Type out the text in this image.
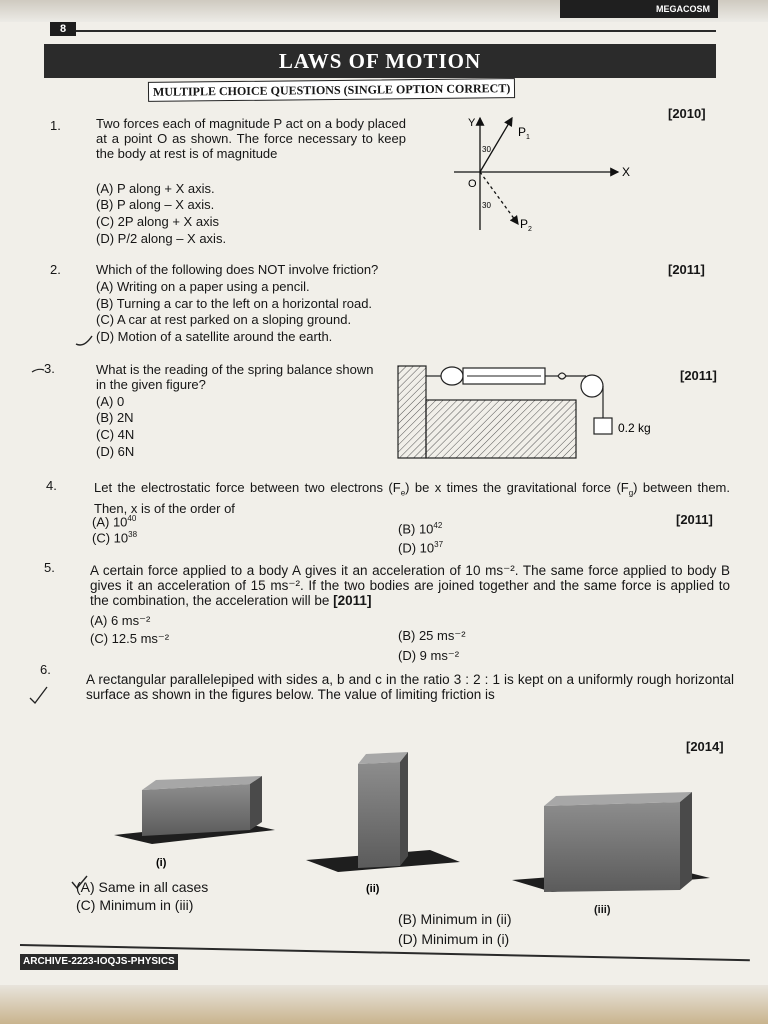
MEGACOSM
8
LAWS OF MOTION
MULTIPLE CHOICE QUESTIONS (SINGLE OPTION CORRECT)
1.	Two forces each of magnitude P act on a body placed at a point O as shown. The force necessary to keep the body at rest is of magnitude
[2010]
(A) P along + X axis.
(B) P along – X axis.
(C) 2P along + X axis
(D) P/2 along – X axis.
Y
X
O
30
30
$P_1$
$P_2$
2.	Which of the following does NOT involve friction?	[2011]
(A) Writing on a paper using a pencil.
(B) Turning a car to the left on a horizontal road.
(C) A car at rest parked on a sloping ground.
(D) Motion of a satellite around the earth.
3.	What is the reading of the spring balance shown in the given figure?
[2011]
(A) 0
(B) 2N
(C) 4N
(D) 6N
0.2 kg
4.	Let the electrostatic force between two electrons $(F_e)$ be x times the gravitational force $(F_g)$ between them. Then, x is of the order of
[2011]
(A) $10^{40}$
(B) $10^{42}$
(C) $10^{38}$
(D) $10^{37}$
5.	A certain force applied to a body A gives it an acceleration of 10 ms⁻². The same force applied to body B gives it an acceleration of 15 ms⁻². If the two bodies are joined together and the same force is applied to the combination, the acceleration will be [2011]
(A) 6 ms⁻²
(B) 25 ms⁻²
(C) 12.5 ms⁻²
(D) 9 ms⁻²
6.
A rectangular parallelepiped with sides a, b and c in the ratio 3 : 2 : 1 is kept on a uniformly rough horizontal surface as shown in the figures below. The value of limiting friction is
[2014]
(i)
(ii)
(iii)
(A) Same in all cases
(C) Minimum in (iii)
(B) Minimum in (ii)
(D) Minimum in (i)
ARCHIVE-2223-IOQJS-PHYSICS
